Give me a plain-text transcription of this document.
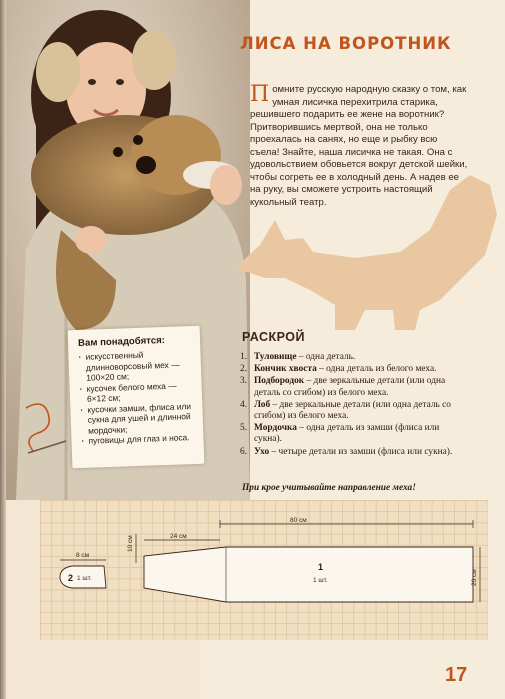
ЛИСА НА ВОРОТНИК
Помните русскую народную сказку о том, как умная лисичка перехитрила старика, решившего подарить ее жене на воротник? Притворившись мертвой, она не только проехалась на санях, но еще и рыбку всю съела! Знайте, наша лисичка не такая. Она с удовольствием обовьется вокруг детской шейки, чтобы согреть ее в холодный день. А надев ее на руку, вы сможете устроить настоящий кукольный театр.
РАСКРОЙ
1. Туловище – одна деталь.
2. Кончик хвоста – одна деталь из белого меха.
3. Подбородок – две зеркальные детали (или одна деталь со сгибом) из белого меха.
4. Лоб – две зеркальные детали (или одна деталь со сгибом) из белого меха.
5. Мордочка – одна деталь из замши (флиса или сукна).
6. Ухо – четыре детали из замши (флиса или сукна).
При крое учитывайте направление меха!
Вам понадобятся:
· искусственный длинноворсовый мех — 100×20 см;
· кусочек белого меха — 6×12 см;
· кусочки замши, флиса или сукна для ушей и длинной мордочки;
· пуговицы для глаз и носа.
80 см
24 см
10 см
1
1 шт.	20 см
8 см
2 1 шт.
17
